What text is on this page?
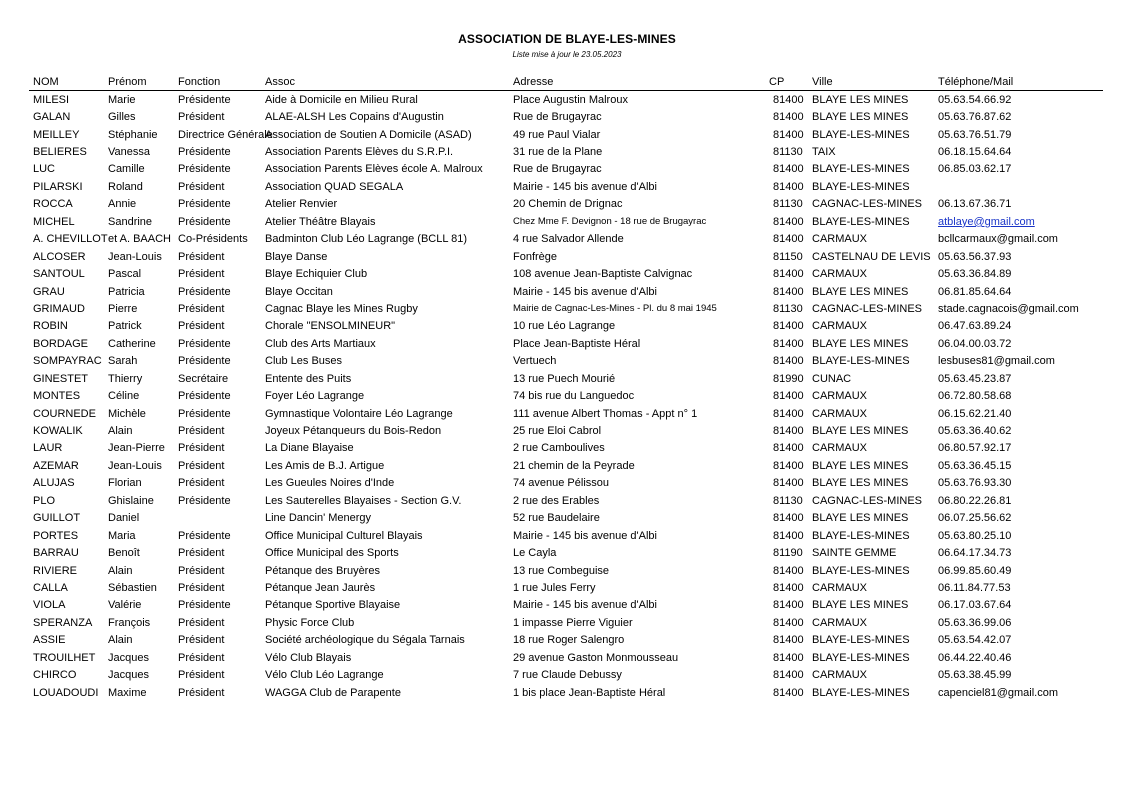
ASSOCIATION DE BLAYE-LES-MINES
Liste mise à jour le 23.05.2023
NOM	Prénom	Fonction	Assoc	Adresse	CP	Ville	Téléphone/Mail
MILESI	Marie	Présidente	Aide à Domicile en Milieu Rural	Place Augustin Malroux	81400	BLAYE LES MINES	05.63.54.66.92
GALAN	Gilles	Président	ALAE-ALSH Les Copains d'Augustin	Rue de Brugayrac	81400	BLAYE LES MINES	05.63.76.87.62
MEILLEY	Stéphanie	Directrice Générale	Association de Soutien A Domicile (ASAD)	49 rue Paul Vialar	81400	BLAYE-LES-MINES	05.63.76.51.79
BELIERES	Vanessa	Présidente	Association Parents Elèves du S.R.P.I.	31 rue de la Plane	81130	TAIX	06.18.15.64.64
LUC	Camille	Présidente	Association Parents Elèves école A. Malroux	Rue de Brugayrac	81400	BLAYE-LES-MINES	06.85.03.62.17
PILARSKI	Roland	Président	Association QUAD SEGALA	Mairie - 145 bis avenue d'Albi	81400	BLAYE-LES-MINES	
ROCCA	Annie	Présidente	Atelier Renvier	20 Chemin de Drignac	81130	CAGNAC-LES-MINES	06.13.67.36.71
MICHEL	Sandrine	Présidente	Atelier Théâtre Blayais	Chez Mme F. Devignon - 18 rue de Brugayrac	81400	BLAYE-LES-MINES	atblaye@gmail.com
A. CHEVILLOT	et A. BAACH	Co-Présidents	Badminton Club Léo Lagrange (BCLL 81)	4 rue Salvador Allende	81400	CARMAUX	bcllcarmaux@gmail.com
ALCOSER	Jean-Louis	Président	Blaye Danse	Fonfrège	81150	CASTELNAU DE LEVIS	05.63.56.37.93
SANTOUL	Pascal	Président	Blaye Echiquier Club	108 avenue Jean-Baptiste Calvignac	81400	CARMAUX	05.63.36.84.89
GRAU	Patricia	Présidente	Blaye Occitan	Mairie - 145 bis avenue d'Albi	81400	BLAYE LES MINES	06.81.85.64.64
GRIMAUD	Pierre	Président	Cagnac Blaye les Mines Rugby	Mairie de Cagnac-Les-Mines - Pl. du 8 mai 1945	81130	CAGNAC-LES-MINES	stade.cagnacois@gmail.com
ROBIN	Patrick	Président	Chorale "ENSOLMINEUR"	10 rue Léo Lagrange	81400	CARMAUX	06.47.63.89.24
BORDAGE	Catherine	Présidente	Club des Arts Martiaux	Place Jean-Baptiste Héral	81400	BLAYE LES MINES	06.04.00.03.72
SOMPAYRAC	Sarah	Présidente	Club Les Buses	Vertuech	81400	BLAYE-LES-MINES	lesbuses81@gmail.com
GINESTET	Thierry	Secrétaire	Entente des Puits	13 rue Puech Mourié	81990	CUNAC	05.63.45.23.87
MONTES	Céline	Présidente	Foyer Léo Lagrange	74 bis rue du Languedoc	81400	CARMAUX	06.72.80.58.68
COURNEDE	Michèle	Présidente	Gymnastique Volontaire Léo Lagrange	111 avenue Albert Thomas - Appt n° 1	81400	CARMAUX	06.15.62.21.40
KOWALIK	Alain	Président	Joyeux Pétanqueurs du Bois-Redon	25 rue Eloi Cabrol	81400	BLAYE LES MINES	05.63.36.40.62
LAUR	Jean-Pierre	Président	La Diane Blayaise	2 rue Camboulives	81400	CARMAUX	06.80.57.92.17
AZEMAR	Jean-Louis	Président	Les Amis de B.J. Artigue	21 chemin de la Peyrade	81400	BLAYE LES MINES	05.63.36.45.15
ALUJAS	Florian	Président	Les Gueules Noires d'Inde	74 avenue Pélissou	81400	BLAYE LES MINES	05.63.76.93.30
PLO	Ghislaine	Présidente	Les Sauterelles Blayaises - Section G.V.	2 rue des Erables	81130	CAGNAC-LES-MINES	06.80.22.26.81
GUILLOT	Daniel		Line Dancin' Menergy	52 rue Baudelaire	81400	BLAYE LES MINES	06.07.25.56.62
PORTES	Maria	Présidente	Office Municipal Culturel Blayais	Mairie - 145 bis avenue d'Albi	81400	BLAYE-LES-MINES	05.63.80.25.10
BARRAU	Benoît	Président	Office Municipal des Sports	Le Cayla	81190	SAINTE GEMME	06.64.17.34.73
RIVIERE	Alain	Président	Pétanque des Bruyères	13 rue Combeguise	81400	BLAYE-LES-MINES	06.99.85.60.49
CALLA	Sébastien	Président	Pétanque Jean Jaurès	1 rue Jules Ferry	81400	CARMAUX	06.11.84.77.53
VIOLA	Valérie	Présidente	Pétanque Sportive Blayaise	Mairie - 145 bis avenue d'Albi	81400	BLAYE LES MINES	06.17.03.67.64
SPERANZA	François	Président	Physic Force Club	1 impasse Pierre Viguier	81400	CARMAUX	05.63.36.99.06
ASSIE	Alain	Président	Société archéologique du Ségala Tarnais	18 rue Roger Salengro	81400	BLAYE-LES-MINES	05.63.54.42.07
TROUILHET	Jacques	Président	Vélo Club Blayais	29 avenue Gaston Monmousseau	81400	BLAYE-LES-MINES	06.44.22.40.46
CHIRCO	Jacques	Président	Vélo Club Léo Lagrange	7 rue Claude Debussy	81400	CARMAUX	05.63.38.45.99
LOUADOUDI	Maxime	Président	WAGGA Club de Parapente	1 bis place Jean-Baptiste Héral	81400	BLAYE-LES-MINES	capenciel81@gmail.com
